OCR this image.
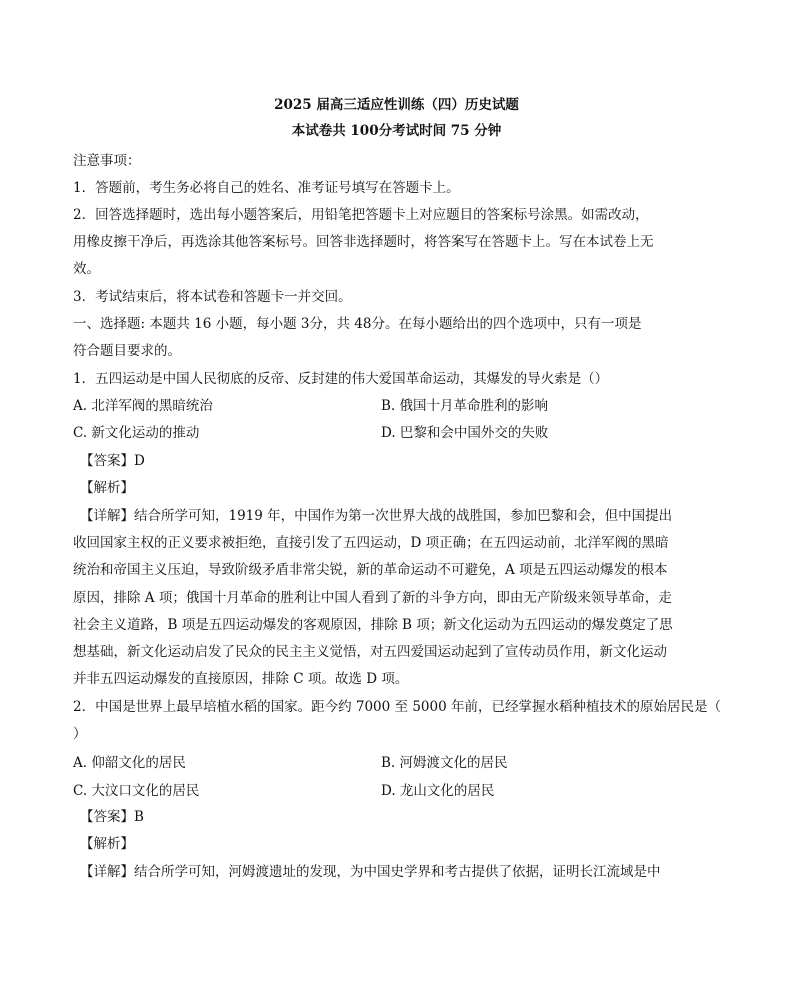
2025 届高三适应性训练（四）历史试题
本试卷共 100分考试时间 75 分钟
注意事项：
1．答题前，考生务必将自己的姓名、准考证号填写在答题卡上。
2．回答选择题时，选出每小题答案后，用铅笔把答题卡上对应题目的答案标号涂黑。如需改动，
用橡皮擦干净后，再选涂其他答案标号。回答非选择题时，将答案写在答题卡上。写在本试卷上无
效。
3．考试结束后，将本试卷和答题卡一并交回。
一、选择题: 本题共 16 小题，每小题 3分，共 48分。在每小题给出的四个选项中，只有一项是
符合题目要求的。
1．五四运动是中国人民彻底的反帝、反封建的伟大爱国革命运动，其爆发的导火索是（）
A. 北洋军阀的黑暗统治	B. 俄国十月革命胜利的影响
C. 新文化运动的推动	D. 巴黎和会中国外交的失败
【答案】D
【解析】
【详解】结合所学可知，1919 年，中国作为第一次世界大战的战胜国，参加巴黎和会，但中国提出
收回国家主权的正义要求被拒绝，直接引发了五四运动，D 项正确；在五四运动前，北洋军阀的黑暗
统治和帝国主义压迫，导致阶级矛盾非常尖锐，新的革命运动不可避免，A 项是五四运动爆发的根本
原因，排除 A 项；俄国十月革命的胜利让中国人看到了新的斗争方向，即由无产阶级来领导革命，走
社会主义道路，B 项是五四运动爆发的客观原因，排除 B 项；新文化运动为五四运动的爆发奠定了思
想基础，新文化运动启发了民众的民主主义觉悟，对五四爱国运动起到了宣传动员作用，新文化运动
并非五四运动爆发的直接原因，排除 C 项。故选 D 项。
2．中国是世界上最早培植水稻的国家。距今约 7000 至 5000 年前，已经掌握水稻种植技术的原始居民是（
）
A. 仰韶文化的居民	B. 河姆渡文化的居民
C. 大汶口文化的居民	D. 龙山文化的居民
【答案】B
【解析】
【详解】结合所学可知，河姆渡遗址的发现，为中国史学界和考古提供了依据，证明长江流域是中
